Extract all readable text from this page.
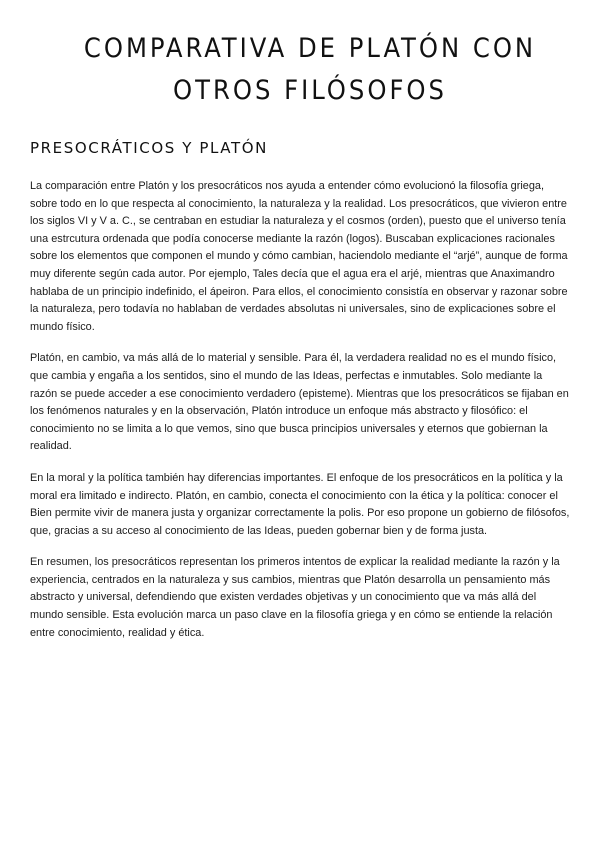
COMPARATIVA DE PLATÓN CON OTROS FILÓSOFOS
PRESOCRÁTICOS Y PLATÓN

La comparación entre Platón y los presocráticos nos ayuda a entender cómo evolucionó la filosofía griega, sobre todo en lo que respecta al conocimiento, la naturaleza y la realidad. Los presocráticos, que vivieron entre los siglos VI y V a. C., se centraban en estudiar la naturaleza y el cosmos (orden), puesto que el universo tenía una estrcutura ordenada que podía conocerse mediante la razón (logos). Buscaban explicaciones racionales sobre los elementos que componen el mundo y cómo cambian, haciendolo mediante el “arjé”, aunque de forma muy diferente según cada autor. Por ejemplo, Tales decía que el agua era el arjé, mientras que Anaximandro hablaba de un principio indefinido, el ápeiron. Para ellos, el conocimiento consistía en observar y razonar sobre la naturaleza, pero todavía no hablaban de verdades absolutas ni universales, sino de explicaciones sobre el mundo físico.

Platón, en cambio, va más allá de lo material y sensible. Para él, la verdadera realidad no es el mundo físico, que cambia y engaña a los sentidos, sino el mundo de las Ideas, perfectas e inmutables. Solo mediante la razón se puede acceder a ese conocimiento verdadero (episteme). Mientras que los presocráticos se fijaban en los fenómenos naturales y en la observación, Platón introduce un enfoque más abstracto y filosófico: el conocimiento no se limita a lo que vemos, sino que busca principios universales y eternos que gobiernan la realidad.

En la moral y la política también hay diferencias importantes. El enfoque de los presocráticos en la política y la moral era limitado e indirecto. Platón, en cambio, conecta el conocimiento con la ética y la política: conocer el Bien permite vivir de manera justa y organizar correctamente la polis. Por eso propone un gobierno de filósofos, que, gracias a su acceso al conocimiento de las Ideas, pueden gobernar bien y de forma justa.

En resumen, los presocráticos representan los primeros intentos de explicar la realidad mediante la razón y la experiencia, centrados en la naturaleza y sus cambios, mientras que Platón desarrolla un pensamiento más abstracto y universal, defendiendo que existen verdades objetivas y un conocimiento que va más allá del mundo sensible. Esta evolución marca un paso clave en la filosofía griega y en cómo se entiende la relación entre conocimiento, realidad y ética.
